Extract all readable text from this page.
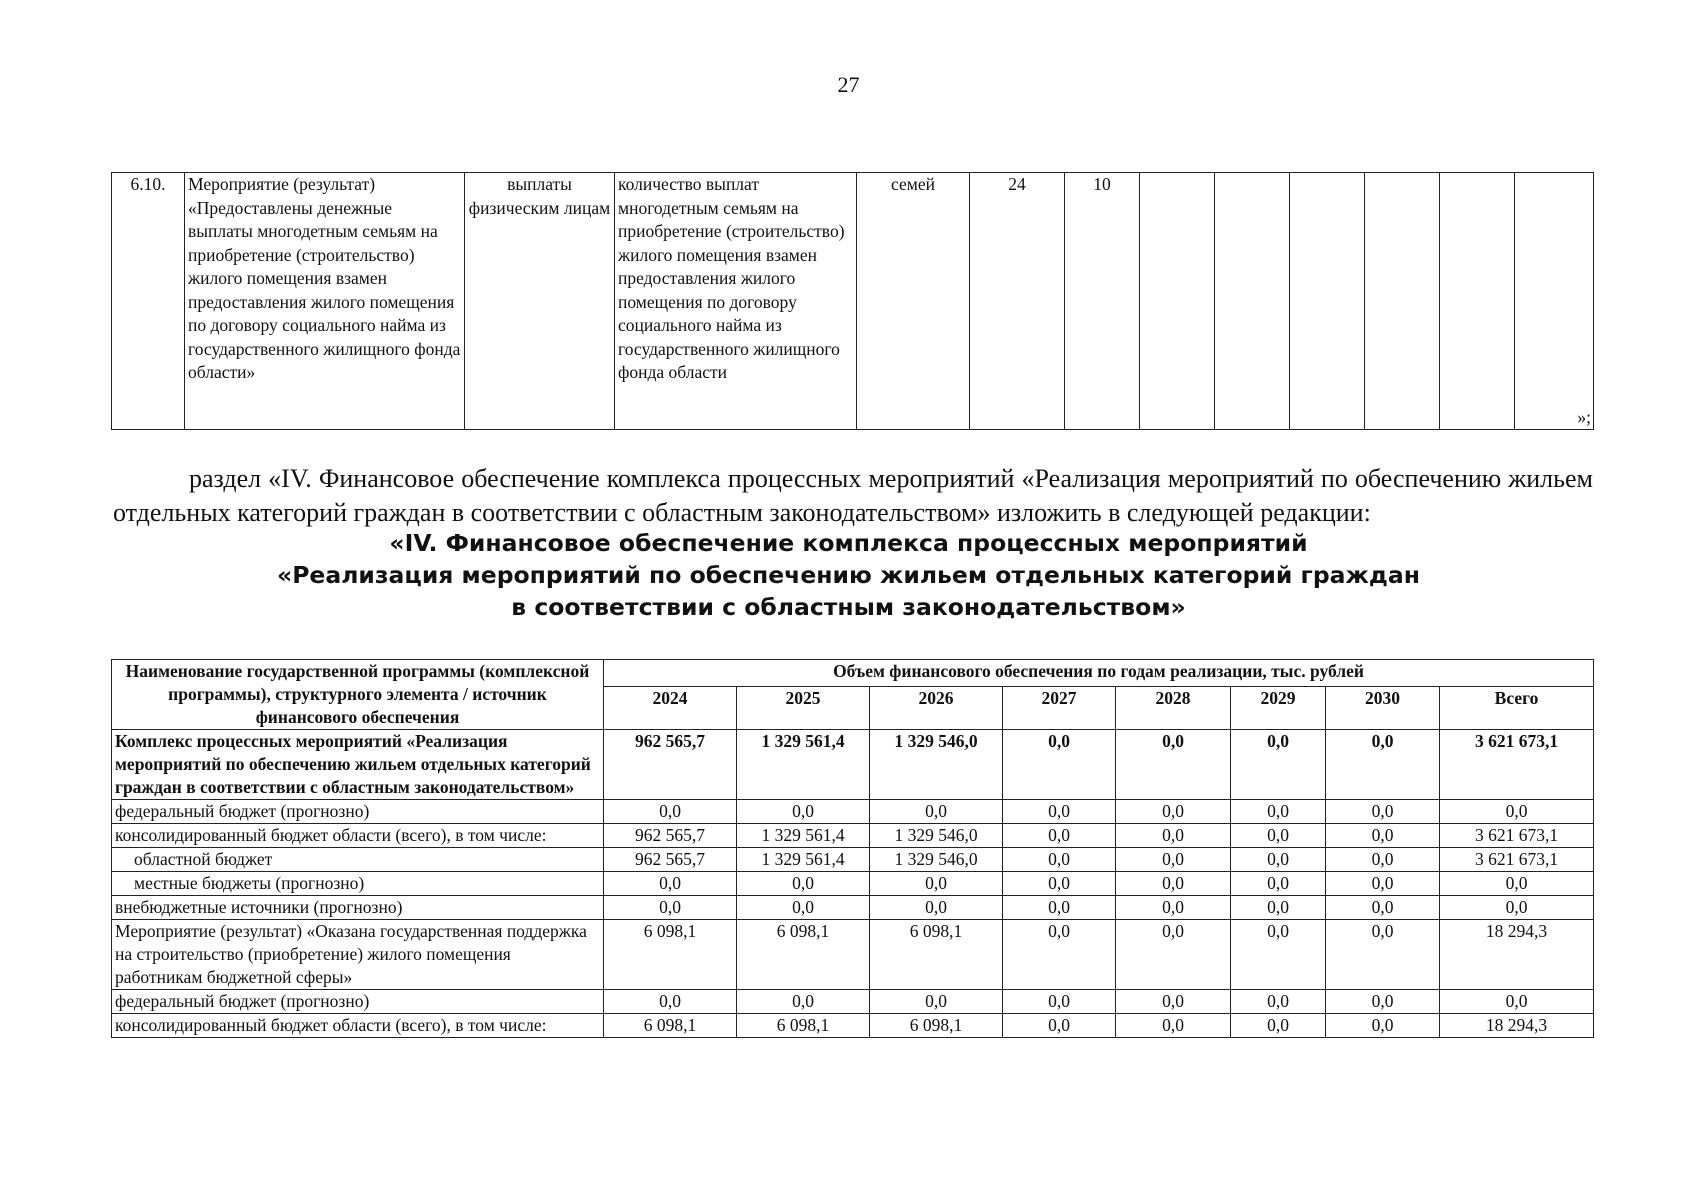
27
6.10.	Мероприятие (результат) «Предоставлены денежные выплаты многодетным семьям на приобретение (строительство) жилого помещения взамен предоставления жилого помещения по договору социального найма из государственного жилищного фонда области»	выплаты физическим лицам	количество выплат многодетным семьям на приобретение (строительство) жилого помещения взамен предоставления жилого помещения по договору социального найма из государственного жилищного фонда области	семей	24	10						
»;
раздел «IV. Финансовое обеспечение комплекса процессных мероприятий «Реализация мероприятий по обеспечению жильем отдельных категорий граждан в соответствии с областным законодательством» изложить в следующей редакции:
«IV. Финансовое обеспечение комплекса процессных мероприятий
«Реализация мероприятий по обеспечению жильем отдельных категорий граждан
в соответствии с областным законодательством»
Наименование государственной программы (комплексной программы), структурного элемента / источник финансового обеспечения	Объем финансового обеспечения по годам реализации, тыс. рублей							
	2024	2025	2026	2027	2028	2029	2030	Всего
Комплекс процессных мероприятий «Реализация мероприятий по обеспечению жильем отдельных категорий граждан в соответствии с областным законодательством»	962 565,7	1 329 561,4	1 329 546,0	0,0	0,0	0,0	0,0	3 621 673,1
федеральный бюджет (прогнозно)	0,0	0,0	0,0	0,0	0,0	0,0	0,0	0,0
консолидированный бюджет области (всего), в том числе:	962 565,7	1 329 561,4	1 329 546,0	0,0	0,0	0,0	0,0	3 621 673,1
областной бюджет	962 565,7	1 329 561,4	1 329 546,0	0,0	0,0	0,0	0,0	3 621 673,1
местные бюджеты (прогнозно)	0,0	0,0	0,0	0,0	0,0	0,0	0,0	0,0
внебюджетные источники (прогнозно)	0,0	0,0	0,0	0,0	0,0	0,0	0,0	0,0
Мероприятие (результат) «Оказана государственная поддержка на строительство (приобретение) жилого помещения работникам бюджетной сферы»	6 098,1	6 098,1	6 098,1	0,0	0,0	0,0	0,0	18 294,3
федеральный бюджет (прогнозно)	0,0	0,0	0,0	0,0	0,0	0,0	0,0	0,0
консолидированный бюджет области (всего), в том числе:	6 098,1	6 098,1	6 098,1	0,0	0,0	0,0	0,0	18 294,3
